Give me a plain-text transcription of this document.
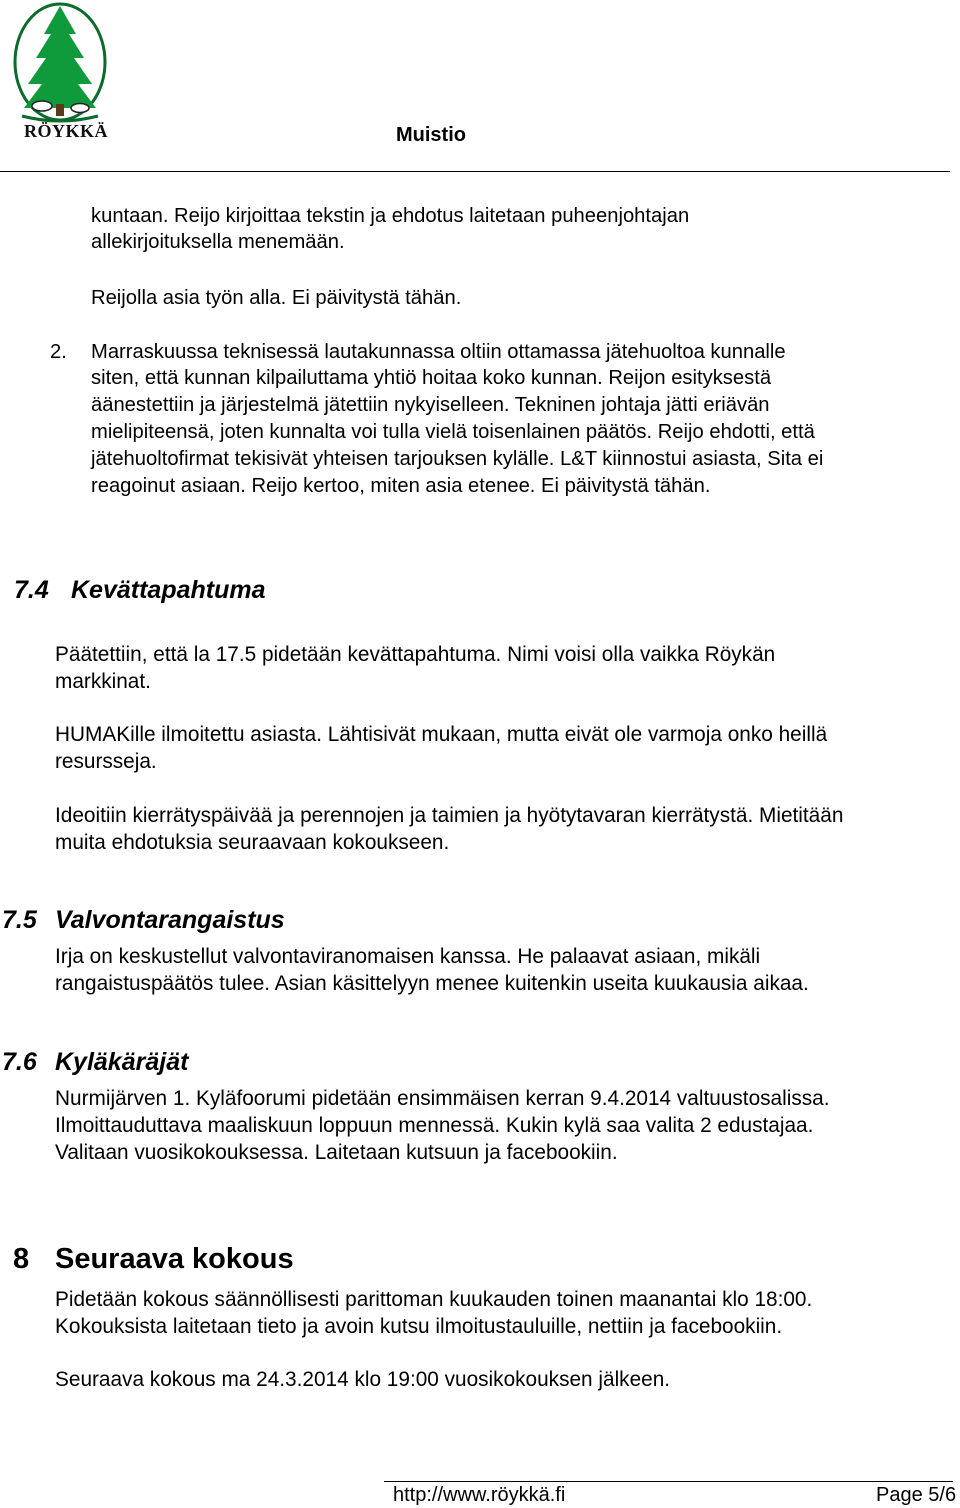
RÖYKKÄ	Muistio
kuntaan. Reijo kirjoittaa tekstin ja ehdotus laitetaan puheenjohtajan
allekirjoituksella menemään.
Reijolla asia työn alla. Ei päivitystä tähän.
2. Marraskuussa teknisessä lautakunnassa oltiin ottamassa jätehuoltoa kunnalle
siten, että kunnan kilpailuttama yhtiö hoitaa koko kunnan. Reijon esityksestä
äänestettiin ja järjestelmä jätettiin nykyiselleen. Tekninen johtaja jätti eriävän
mielipiteensä, joten kunnalta voi tulla vielä toisenlainen päätös. Reijo ehdotti, että
jätehuoltofirmat tekisivät yhteisen tarjouksen kylälle. L&T kiinnostui asiasta, Sita ei
reagoinut asiaan. Reijo kertoo, miten asia etenee. Ei päivitystä tähän.
7.4 Kevättapahtuma
Päätettiin, että la 17.5 pidetään kevättapahtuma. Nimi voisi olla vaikka Röykän
markkinat.
HUMAKille ilmoitettu asiasta. Lähtisivät mukaan, mutta eivät ole varmoja onko heillä
resursseja.
Ideoitiin kierrätyspäivää ja perennojen ja taimien ja hyötytavaran kierrätystä. Mietitään
muita ehdotuksia seuraavaan kokoukseen.
7.5 Valvontarangaistus
Irja on keskustellut valvontaviranomaisen kanssa. He palaavat asiaan, mikäli
rangaistuspäätös tulee. Asian käsittelyyn menee kuitenkin useita kuukausia aikaa.
7.6 Kyläkäräjät
Nurmijärven 1. Kyläfoorumi pidetään ensimmäisen kerran 9.4.2014 valtuustosalissa.
Ilmoittauduttava maaliskuun loppuun mennessä. Kukin kylä saa valita 2 edustajaa.
Valitaan vuosikokouksessa. Laitetaan kutsuun ja facebookiin.
8 Seuraava kokous
Pidetään kokous säännöllisesti parittoman kuukauden toinen maanantai klo 18:00.
Kokouksista laitetaan tieto ja avoin kutsu ilmoitustauluille, nettiin ja facebookiin.
Seuraava kokous ma 24.3.2014 klo 19:00 vuosikokouksen jälkeen.
http://www.röykkä.fi	Page 5/6
